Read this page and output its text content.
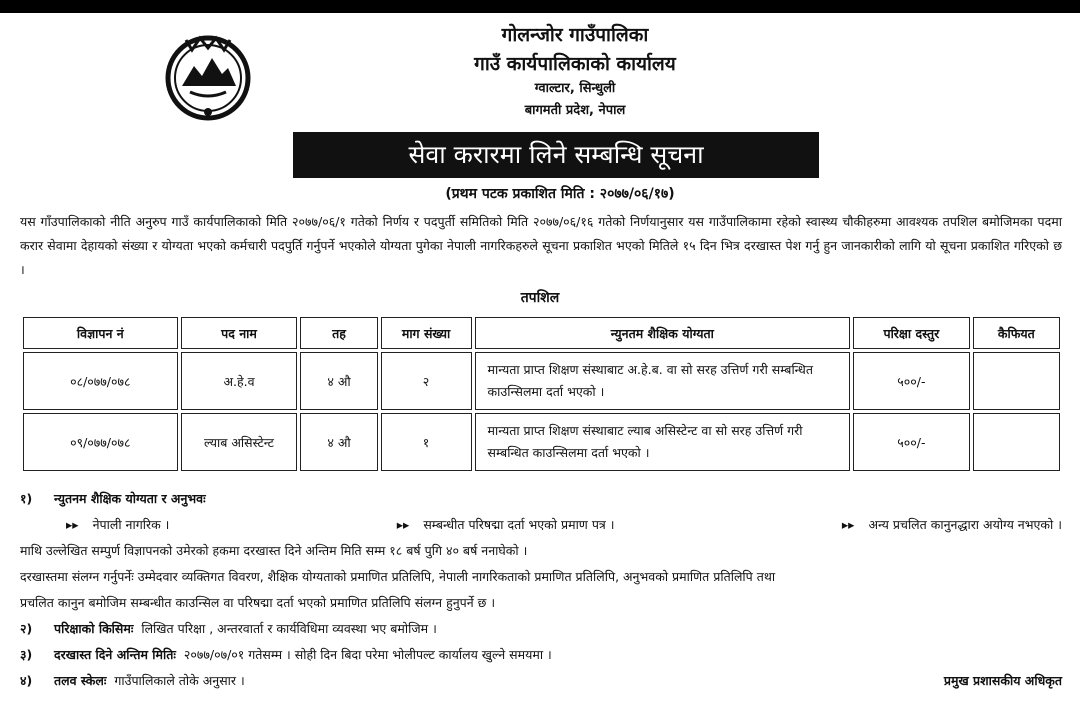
गोलन्जोर गाउँपालिका
गाउँ कार्यपालिकाको कार्यालय
ग्वाल्टार, सिन्धुली
बागमती प्रदेश, नेपाल
सेवा करारमा लिने सम्बन्धि सूचना
(प्रथम पटक प्रकाशित मिति : २०७७/०६/१७)
यस गाँउपालिकाको नीति अनुरुप गाउँ कार्यपालिकाको मिति २०७७/०६/१ गतेको निर्णय र पदपुर्ती समितिको मिति २०७७/०६/१६ गतेको निर्णयानुसार यस गाउँपालिकामा रहेको स्वास्थ्य चौकीहरुमा आवश्यक तपशिल बमोजिमका पदमा करार सेवामा देहायको संख्या र योग्यता भएको कर्मचारी पदपुर्ति गर्नुपर्ने भएकोले योग्यता पुगेका नेपाली नागरिकहरुले सूचना प्रकाशित भएको मितिले १५ दिन भित्र दरखास्त पेश गर्नु हुन जानकारीको लागि यो सूचना प्रकाशित गरिएको छ ।
तपशिल
विज्ञापन नं	पद नाम	तह	माग संख्या	न्युनतम शैक्षिक योग्यता	परिक्षा दस्तुर	कैफियत
०८/०७७/०७८	अ.हे.व	४ औ	२	मान्यता प्राप्त शिक्षण संस्थाबाट अ.हे.ब. वा सो सरह उत्तिर्ण गरी सम्बन्धित काउन्सिलमा दर्ता भएको ।	५००/-	
०९/०७७/०७८	ल्याब असिस्टेन्ट	४ औ	१	मान्यता प्राप्त शिक्षण संस्थाबाट ल्याब असिस्टेन्ट वा सो सरह उत्तिर्ण गरी सम्बन्धित काउन्सिलमा दर्ता भएको ।	५००/-	
१) न्युतनम शैक्षिक योग्यता र अनुभवः
▸▸ नेपाली नागरिक ।	▸▸ सम्बन्धीत परिषद्मा दर्ता भएको प्रमाण पत्र ।	▸▸ अन्य प्रचलित कानुनद्धारा अयोग्य नभएको ।
माथि उल्लेखित सम्पुर्ण विज्ञापनको उमेरको हकमा दरखास्त दिने अन्तिम मिति सम्म १८ बर्ष पुगि ४० बर्ष ननाघेको ।
दरखास्तमा संलग्न गर्नुपर्नेः उम्मेदवार व्यक्तिगत विवरण, शैक्षिक योग्यताको प्रमाणित प्रतिलिपि, नेपाली नागरिकताको प्रमाणित प्रतिलिपि, अनुभवको प्रमाणित प्रतिलिपि तथा
प्रचलित कानुन बमोजिम सम्बन्धीत काउन्सिल वा परिषद्मा दर्ता भएको प्रमाणित प्रतिलिपि संलग्न हुनुपर्ने छ ।
२) परिक्षाको किसिमः लिखित परिक्षा , अन्तरवार्ता र कार्यविधिमा व्यवस्था भए बमोजिम ।
३) दरखास्त दिने अन्तिम मितिः २०७७/०७/०१ गतेसम्म । सोही दिन बिदा परेमा भोलीपल्ट कार्यालय खुल्ने समयमा ।
४) तलव स्केलः गाउँपालिकाले तोके अनुसार ।	प्रमुख प्रशासकीय अधिकृत
